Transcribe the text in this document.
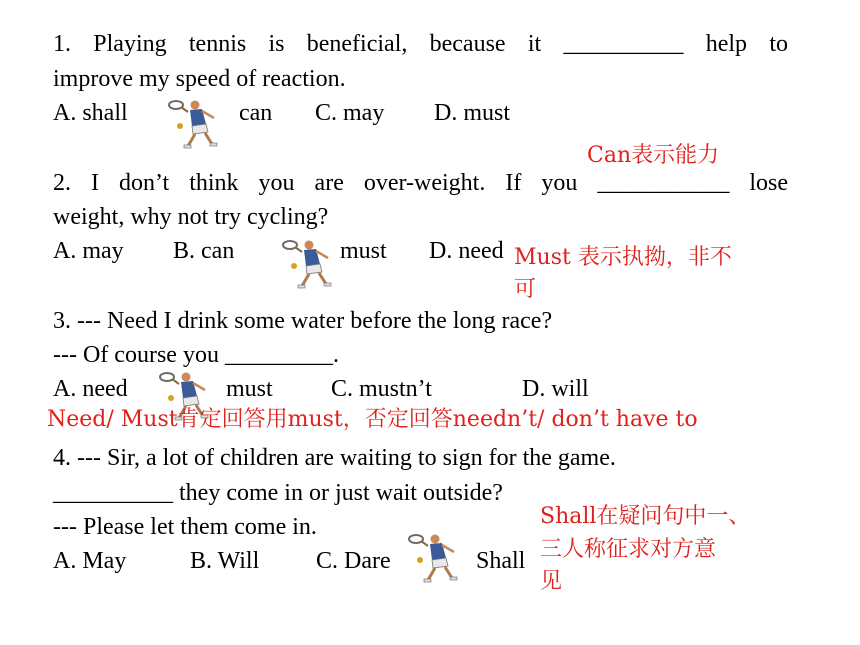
1. Playing tennis is beneficial, because it __________ help to
improve my speed of reaction.
A. shall	can C. may D. must
Can表示能力
2. I don’t think you are over-weight. If you ___________ lose
weight, why not try cycling?
A. may B. can	must D. need Must 表示执拗，非不
可
3. --- Need I drink some water before the long race?
--- Of course you _________.
A. need	must C. mustn’t	D. will
Need/ Must肯定回答用must，否定回答needn’t/ don’t have to
4. --- Sir, a lot of children are waiting to sign for the game.
__________ they come in or just wait outside?
--- Please let them come in.
A. May	B. Will C. Dare	Shall
Shall在疑问句中一、
三人称征求对方意
见
